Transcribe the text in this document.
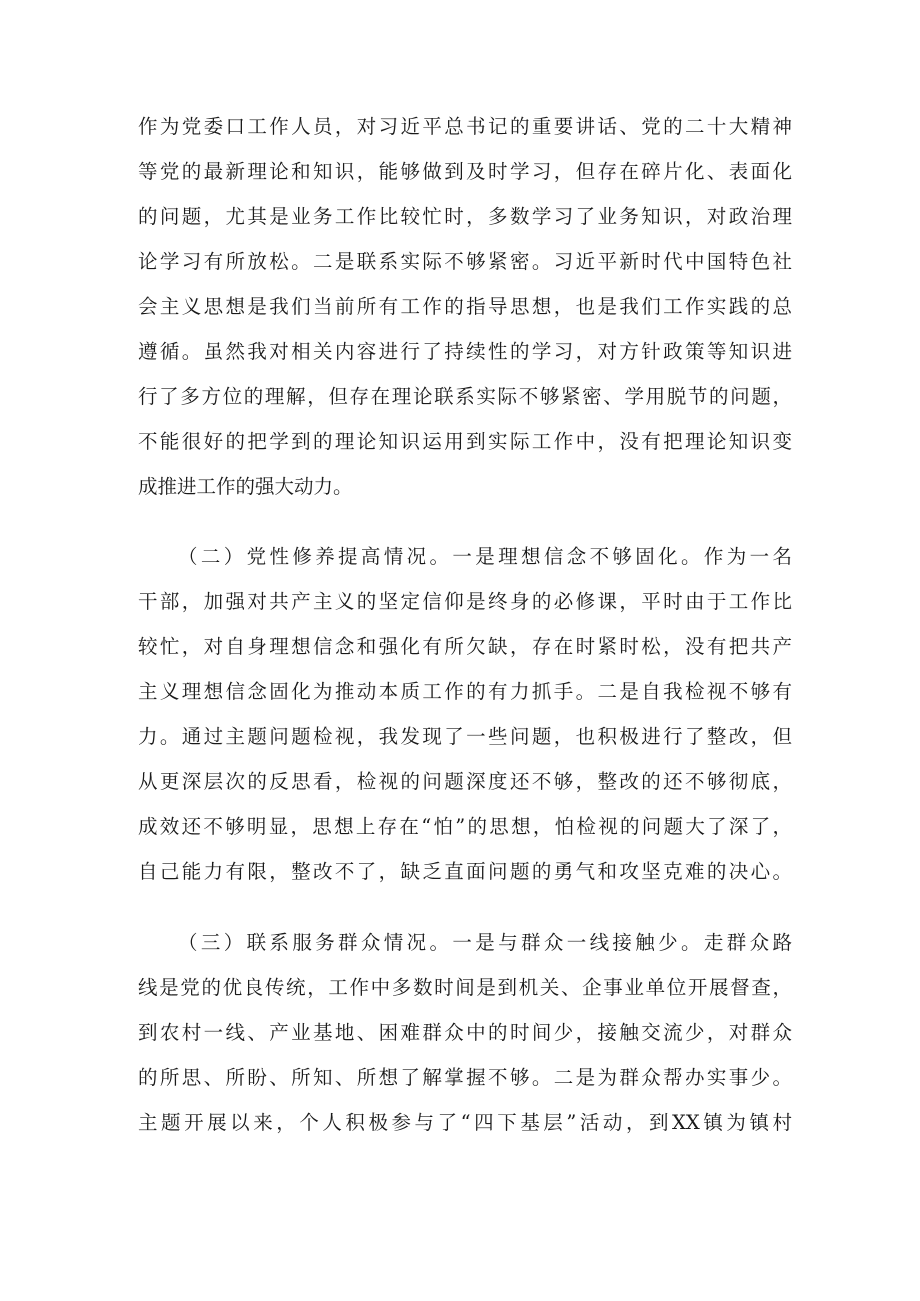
作为党委口工作人员，对习近平总书记的重要讲话、党的二十大精神
等党的最新理论和知识，能够做到及时学习，但存在碎片化、表面化
的问题，尤其是业务工作比较忙时，多数学习了业务知识，对政治理
论学习有所放松。二是联系实际不够紧密。习近平新时代中国特色社
会主义思想是我们当前所有工作的指导思想，也是我们工作实践的总
遵循。虽然我对相关内容进行了持续性的学习，对方针政策等知识进
行了多方位的理解，但存在理论联系实际不够紧密、学用脱节的问题，
不能很好的把学到的理论知识运用到实际工作中，没有把理论知识变
成推进工作的强大动力。
（二）党性修养提高情况。一是理想信念不够固化。作为一名
干部，加强对共产主义的坚定信仰是终身的必修课，平时由于工作比
较忙，对自身理想信念和强化有所欠缺，存在时紧时松，没有把共产
主义理想信念固化为推动本质工作的有力抓手。二是自我检视不够有
力。通过主题问题检视，我发现了一些问题，也积极进行了整改，但
从更深层次的反思看，检视的问题深度还不够，整改的还不够彻底，
成效还不够明显，思想上存在“怕”的思想，怕检视的问题大了深了，
自己能力有限，整改不了，缺乏直面问题的勇气和攻坚克难的决心。
（三）联系服务群众情况。一是与群众一线接触少。走群众路
线是党的优良传统，工作中多数时间是到机关、企事业单位开展督查，
到农村一线、产业基地、困难群众中的时间少，接触交流少，对群众
的所思、所盼、所知、所想了解掌握不够。二是为群众帮办实事少。
主题开展以来，个人积极参与了“四下基层”活动，到XX镇为镇村
